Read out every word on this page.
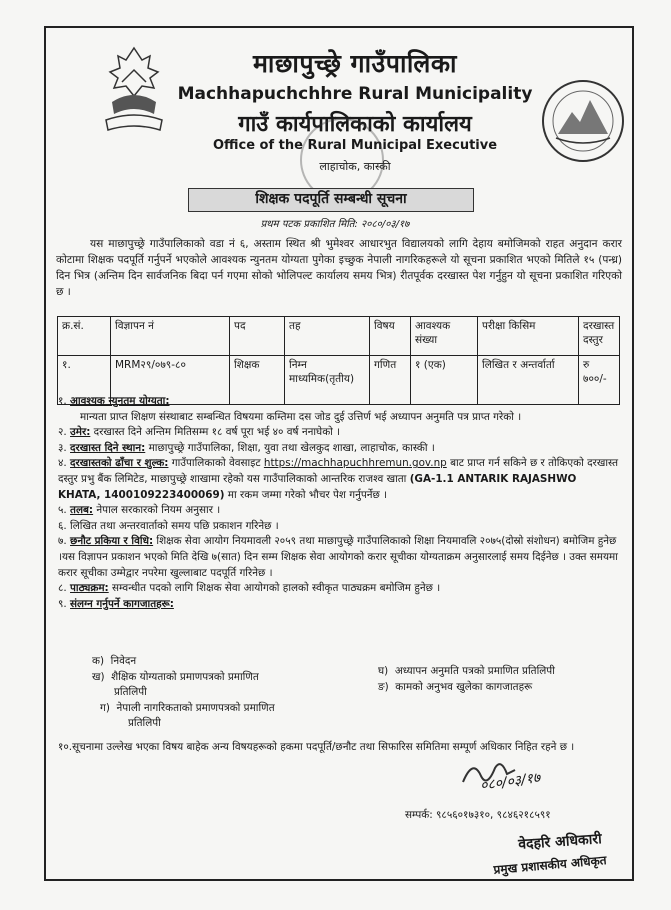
माछापुच्छ्रे गाउँपालिका
Machhapuchchhre Rural Municipality
गाउँ कार्यपालिकाको कार्यालय
Office of the Rural Municipal Executive
लाहाचोक, कास्की
शिक्षक पदपूर्ति सम्बन्धी सूचना
प्रथम पटक प्रकाशित मिति: २०८०/०३/१७
यस माछापुच्छ्रे गाउँपालिकाको वडा नं ६, अस्ताम स्थित श्री भुमेश्वर आधारभुत विद्यालयको लागि देहाय बमोजिमको राहत अनुदान करार कोटामा शिक्षक पदपूर्ति गर्नुपर्ने भएकोले आवश्यक न्युनतम योग्यता पुगेका इच्छुक नेपाली नागरिकहरूले यो सूचना प्रकाशित भएको मितिले १५ (पन्ध्र) दिन भित्र (अन्तिम दिन सार्वजनिक बिदा पर्न गएमा सोको भोलिपल्ट कार्यालय समय भित्र) रीतपूर्वक दरखास्त पेश गर्नुहुन यो सूचना प्रकाशित गरिएको छ ।
क्र.सं.	विज्ञापन नं	पद	तह	विषय	आवश्यक संख्या	परीक्षा किसिम	दरखास्त दस्तुर
१.	MRM२९/०७९-८०	शिक्षक	निम्न माध्यमिक(तृतीय)	गणित	१ (एक)	लिखित र अन्तर्वार्ता	रु ७००/-

१. आवश्यक न्युनतम योग्यता:

मान्यता प्राप्त शिक्षण संस्थाबाट सम्बन्धित विषयमा कम्तिमा दस जोड दुई उत्तिर्ण भई अध्यापन अनुमति पत्र प्राप्त गरेको ।

२. उमेर: दरखास्त दिने अन्तिम मितिसम्म १८ वर्ष पूरा भई ४० वर्ष ननाघेको ।

३. दरखास्त दिने स्थान: माछापुच्छ्रे गाउँपालिका, शिक्षा, युवा तथा खेलकुद शाखा, लाहाचोक, कास्की ।

४. दरखास्तको ढाँचा र शुल्क: गाउँपालिकाको वेवसाइट https://machhapuchhremun.gov.np बाट प्राप्त गर्न सकिने छ र तोकिएको दरखास्त दस्तुर प्रभु बैंक लिमिटेड, माछापुच्छ्रे शाखामा रहेको यस गाउँपालिकाको आन्तरिक राजश्व खाता (GA-1.1 ANTARIK RAJASHWO KHATA, 1400109223400069) मा रकम जम्मा गरेको भौचर पेश गर्नुपर्नेछ ।

५. तलब: नेपाल सरकारको नियम अनुसार ।

६. लिखित तथा अन्तरवार्ताको समय पछि प्रकाशन गरिनेछ ।

७. छनौट प्रकिया र विधि: शिक्षक सेवा आयोग नियमावली २०५९ तथा माछापुच्छ्रे गाउँपालिकाको शिक्षा नियमावलि २०७५(दोस्रो संशोधन) बमोजिम हुनेछ ।यस विज्ञापन प्रकाशन भएको मिति देखि ७(सात) दिन सम्म शिक्षक सेवा आयोगको करार सूचीका योग्यताक्रम अनुसारलाई समय दिईनेछ । उक्त समयमा करार सूचीका उम्मेद्वार नपरेमा खुल्लाबाट पदपूर्ति गरिनेछ ।

८. पाठ्यक्रम: सम्वन्धीत पदको लागि शिक्षक सेवा आयोगको हालको स्वीकृत पाठ्यक्रम बमोजिम हुनेछ ।

९. संलग्न गर्नुपर्ने कागजातहरू:

क) निवेदन
ख) शैक्षिक योग्यताको प्रमाणपत्रको प्रमाणित
प्रतिलिपी
ग) नेपाली नागरिकताको प्रमाणपत्रको प्रमाणित
प्रतिलिपी
घ) अध्यापन अनुमति पत्रको प्रमाणित प्रतिलिपी
ङ) कामको अनुभव खुलेका कागजातहरू
१०.सूचनामा उल्लेख भएका विषय बाहेक अन्य विषयहरूको हकमा पदपूर्ति/छनौट तथा सिफारिस समितिमा सम्पूर्ण अधिकार निहित रहने छ ।
०८०/०३/१७
सम्पर्क: ९८५६०१७३१०, ९८४६२१८५९१
वेदहरि अधिकारी
प्रमुख प्रशासकीय अधिकृत
